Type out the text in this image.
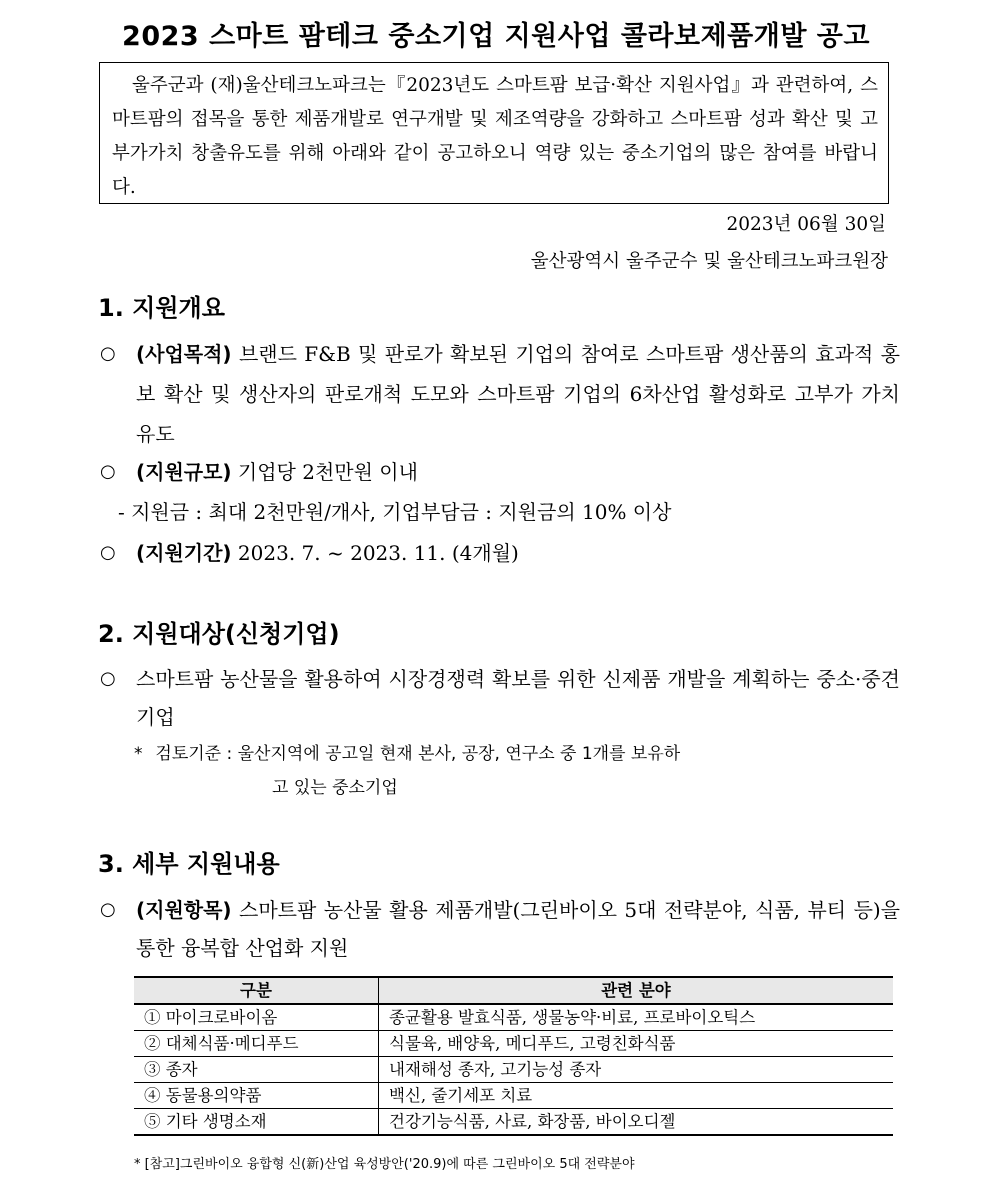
2023 스마트 팜테크 중소기업 지원사업 콜라보제품개발 공고

울주군과 (재)울산테크노파크는『2023년도 스마트팜 보급·확산 지원사업』과 관련하여, 스마트팜의 접목을 통한 제품개발로 연구개발 및 제조역량을 강화하고 스마트팜 성과 확산 및 고부가가치 창출유도를 위해 아래와 같이 공고하오니 역량 있는 중소기업의 많은 참여를 바랍니다.

2023년 06월 30일
울산광역시 울주군수 및 울산테크노파크원장
1. 지원개요
○	(사업목적) 브랜드 F&B 및 판로가 확보된 기업의 참여로 스마트팜 생산품의 효과적 홍보 확산 및 생산자의 판로개척 도모와 스마트팜 기업의 6차산업 활성화로 고부가 가치 유도
○	(지원규모) 기업당 2천만원 이내
- 지원금 : 최대 2천만원/개사, 기업부담금 : 지원금의 10% 이상
○	(지원기간) 2023. 7. ~ 2023. 11. (4개월)
2. 지원대상(신청기업)
○	스마트팜 농산물을 활용하여 시장경쟁력 확보를 위한 신제품 개발을 계획하는 중소·중견기업
* 검토기준 : 울산지역에 공고일 현재 본사, 공장, 연구소 중 1개를 보유하
고 있는 중소기업
3. 세부 지원내용
○	(지원항목) 스마트팜 농산물 활용 제품개발(그린바이오 5대 전략분야, 식품, 뷰티 등)을 통한 융복합 산업화 지원
구분	관련 분야
① 마이크로바이옴	종균활용 발효식품, 생물농약·비료, 프로바이오틱스
② 대체식품·메디푸드	식물육, 배양육, 메디푸드, 고령친화식품
③ 종자	내재해성 종자, 고기능성 종자
④ 동물용의약품	백신, 줄기세포 치료
⑤ 기타 생명소재	건강기능식품, 사료, 화장품, 바이오디젤
* [참고]그린바이오 융합형 신(新)산업 육성방안('20.9)에 따른 그린바이오 5대 전략분야
